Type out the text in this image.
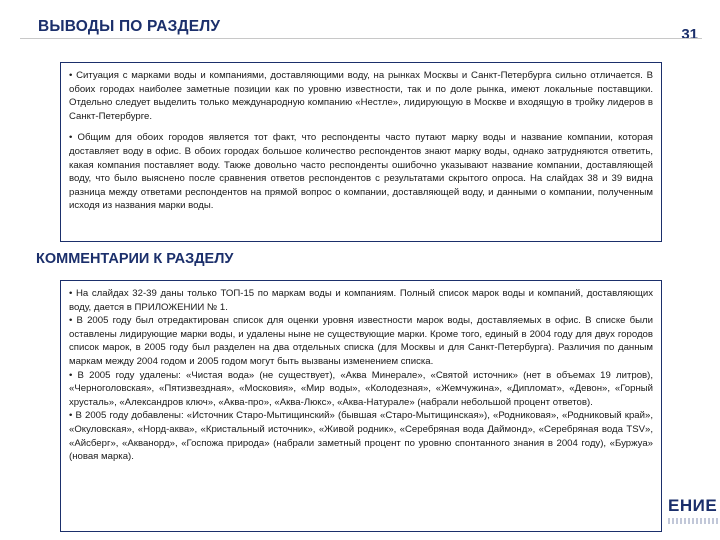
ВЫВОДЫ ПО РАЗДЕЛУ	31

• Ситуация с марками воды и компаниями, доставляющими воду, на рынках Москвы и Санкт-Петербурга сильно отличается. В обоих городах наиболее заметные позиции как по уровню известности, так и по доле рынка, имеют локальные поставщики. Отдельно следует выделить только международную компанию «Нестле», лидирующую в Москве и входящую в тройку лидеров в Санкт-Петербурге.

• Общим для обоих городов является тот факт, что респонденты часто путают марку воды и название компании, которая доставляет воду в офис. В обоих городах большое количество респондентов знают марку воды, однако затрудняются ответить, какая компания поставляет воду. Также довольно часто респонденты ошибочно указывают название компании, доставляющей воду, что было выяснено после сравнения ответов респондентов с результатами скрытого опроса. На слайдах 38 и 39 видна разница между ответами респондентов на прямой вопрос о компании, доставляющей воду, и данными о компании, полученным исходя из названия марки воды.

КОММЕНТАРИИ К РАЗДЕЛУ

• На слайдах 32-39 даны только ТОП-15 по маркам воды и компаниям. Полный список марок воды и компаний, доставляющих воду, дается в ПРИЛОЖЕНИИ № 1.

• В 2005 году был отредактирован список для оценки уровня известности марок воды, доставляемых в офис. В списке были оставлены лидирующие марки воды, и удалены ныне не существующие марки. Кроме того, единый в 2004 году для двух городов список марок, в 2005 году был разделен на два отдельных списка (для Москвы и для Санкт-Петербурга). Различия по данным маркам между 2004 годом и 2005 годом могут быть вызваны изменением списка.

• В 2005 году удалены: «Чистая вода» (не существует), «Аква Минерале», «Святой источник» (нет в объемах 19 литров), «Черноголовская», «Пятизвездная», «Московия», «Мир воды», «Колодезная», «Жемчужина», «Дипломат», «Девон», «Горный хрусталь», «Александров ключ», «Аква-про», «Аква-Люкс», «Аква-Натурале» (набрали небольшой процент ответов).

• В 2005 году добавлены: «Источник Старо-Мытищинский» (бывшая «Старо-Мытищинская»), «Родниковая», «Родниковый край», «Окуловская», «Норд-аква», «Кристальный источник», «Живой родник», «Серебряная вода Даймонд», «Серебряная вода TSV», «Айсберг», «Акванорд», «Госпожа природа» (набрали заметный процент по уровню спонтанного знания в 2004 году), «Буржуа» (новая марка).

ЕНИЕ
